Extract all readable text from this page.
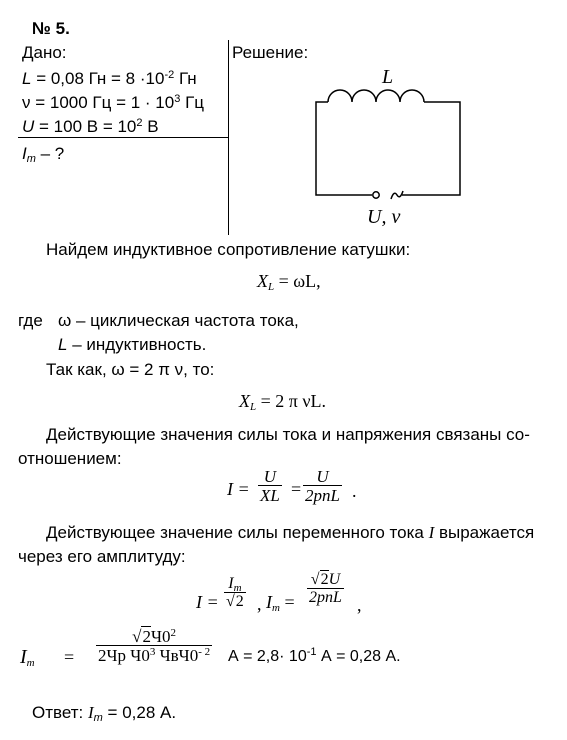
№ 5.
Дано:
L = 0,08 Гн = $8 \cdot 10^{-2}$ Гн
ν = 1000 Гц = $1 \cdot 10^3$ Гц
U = 100 $В = 10^2$ В
$I_m$ – ?
Решение:
L
U, ν
Найдем индуктивное сопротивление катушки:
$X_L = \omega L$,
где ω – циклическая частота тока,
L – индуктивность.
Так как, ω = 2 π ν, то:
$X_L = 2$ π νL.
Действующие значения силы тока и напряжения связаны со-
отношением:
$I = \frac{U}{XL}$ =
U
2pnL .
Действующее значение силы переменного тока I выражается
через его амплитуду:
$I = \frac{I_m}{√2}$ , $I_m$ =
√2U
2pnL ,
$I_m$ =
$√2Ч0^2$
2Чр $Ч0^3$ $ЧвЧ0^{- 2}$ $А = 2,8\cdot 10^{-1}$ А = 0,28 А.
Ответ: $I_m = 0,28$ А.
